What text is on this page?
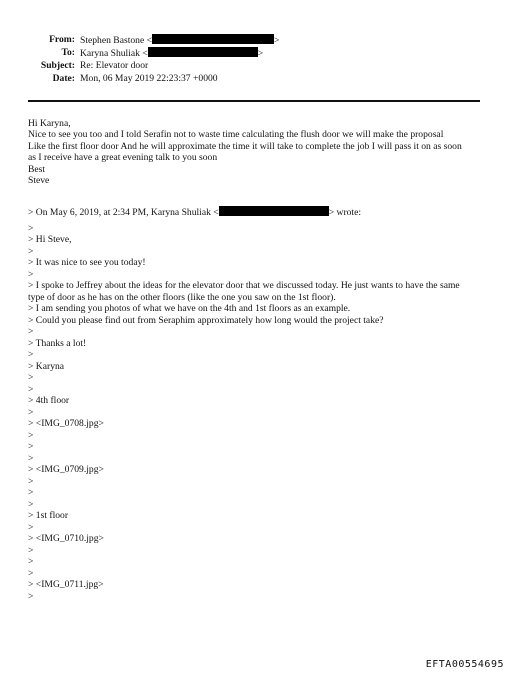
From: Stephen Bastone <	>
To: Karyna Shuliak <	>
Subject: Re: Elevator door
Date: Mon, 06 May 2019 22:23:37 +0000
Hi Karyna,
Nice to see you too and I told Serafin not to waste time calculating the flush door we will make the proposal
Like the first floor door And he will approximate the time it will take to complete the job I will pass it on as soon
as I receive have a great evening talk to you soon
Best
Steve
> On May 6, 2019, at 2:34 PM, Karyna Shuliak <	> wrote:
>
> Hi Steve,
>
> It was nice to see you today!
>
> I spoke to Jeffrey about the ideas for the elevator door that we discussed today. He just wants to have the same
type of door as he has on the other floors (like the one you saw on the 1st floor).
> I am sending you photos of what we have on the 4th and 1st floors as an example.
> Could you please find out from Seraphim approximately how long would the project take?
>
> Thanks a lot!
>
> Karyna
>
>
> 4th floor
>
> <IMG_0708.jpg>
>
>
>
> <IMG_0709.jpg>
>
>
>
> 1st floor
>
> <IMG_0710.jpg>
>
>
>
> <IMG_0711.jpg>
>
EFTA00554695
